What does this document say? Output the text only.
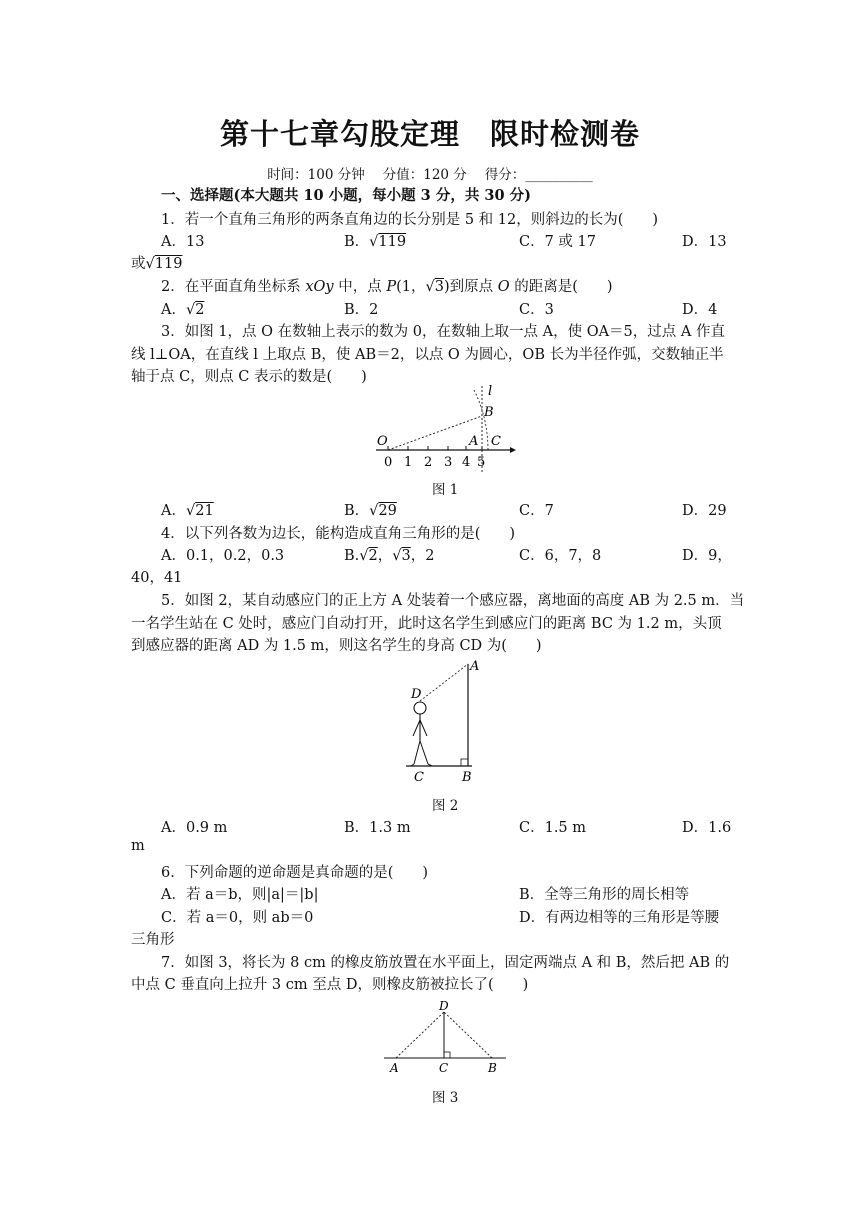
第十七章勾股定理　限时检测卷
时间：100 分钟 分值：120 分 得分：__________
一、选择题(本大题共 10 小题，每小题 3 分，共 30 分)
1．若一个直角三角形的两条直角边的长分别是 5 和 12，则斜边的长为(　　)
A．13	B．√119	C．7 或 17	D．13
或√119
2．在平面直角坐标系 xOy 中，点 P(1，√3)到原点 O 的距离是(　　)
A．√2	B．2	C．3	D．4
3．如图 1，点 O 在数轴上表示的数为 0，在数轴上取一点 A，使 OA＝5，过点 A 作直
线 l⊥OA，在直线 l 上取点 B，使 AB＝2，以点 O 为圆心，OB 长为半径作弧，交数轴正半
轴于点 C，则点 C 表示的数是(　　)
O	A
B
C
l
0 1 2 3 4 5
图 1
A．√21	B．√29	C．7	D．29
4．以下列各数为边长，能构造成直角三角形的是(　　)
A．0.1，0.2，0.3	B.√2，√3，2	C．6，7，8	D．9，
40，41
5．如图 2，某自动感应门的正上方 A 处装着一个感应器，离地面的高度 AB 为 2.5 m．当
一名学生站在 C 处时，感应门自动打开，此时这名学生到感应门的距离 BC 为 1.2 m，头顶
到感应器的距离 AD 为 1.5 m，则这名学生的身高 CD 为(　　)
D
A
C	B
图 2
A．0.9 m	B．1.3 m	C．1.5 m	D．1.6
m
6．下列命题的逆命题是真命题的是(　　)
A．若 a＝b，则|a|＝|b|	B．全等三角形的周长相等
C．若 a＝0，则 ab＝0	D．有两边相等的三角形是等腰
三角形
7．如图 3，将长为 8 cm 的橡皮筋放置在水平面上，固定两端点 A 和 B，然后把 AB 的
中点 C 垂直向上拉升 3 cm 至点 D，则橡皮筋被拉长了(　　)
D
A	C	B
图 3
